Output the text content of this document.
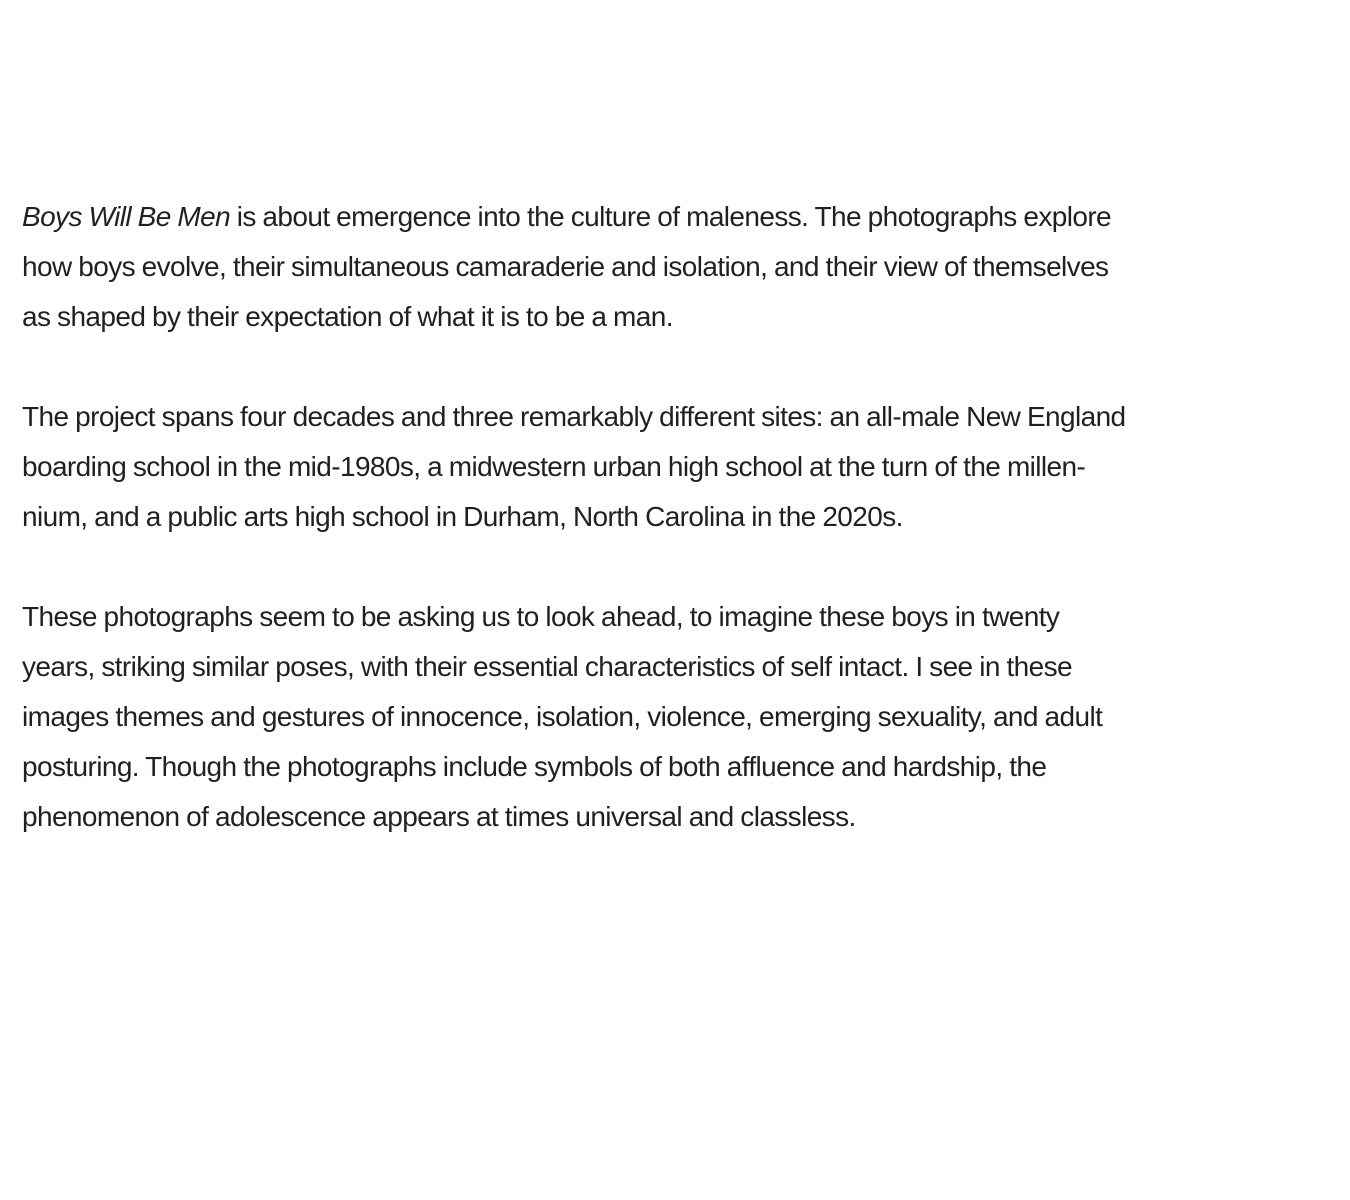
Boys Will Be Men is about emergence into the culture of maleness. The photographs explore
how boys evolve, their simultaneous camaraderie and isolation, and their view of themselves
as shaped by their expectation of what it is to be a man.

The project spans four decades and three remarkably different sites: an all-male New England
boarding school in the mid-1980s, a midwestern urban high school at the turn of the millen-
nium, and a public arts high school in Durham, North Carolina in the 2020s.

These photographs seem to be asking us to look ahead, to imagine these boys in twenty
years, striking similar poses, with their essential characteristics of self intact. I see in these
images themes and gestures of innocence, isolation, violence, emerging sexuality, and adult
posturing. Though the photographs include symbols of both affluence and hardship, the
phenomenon of adolescence appears at times universal and classless.
